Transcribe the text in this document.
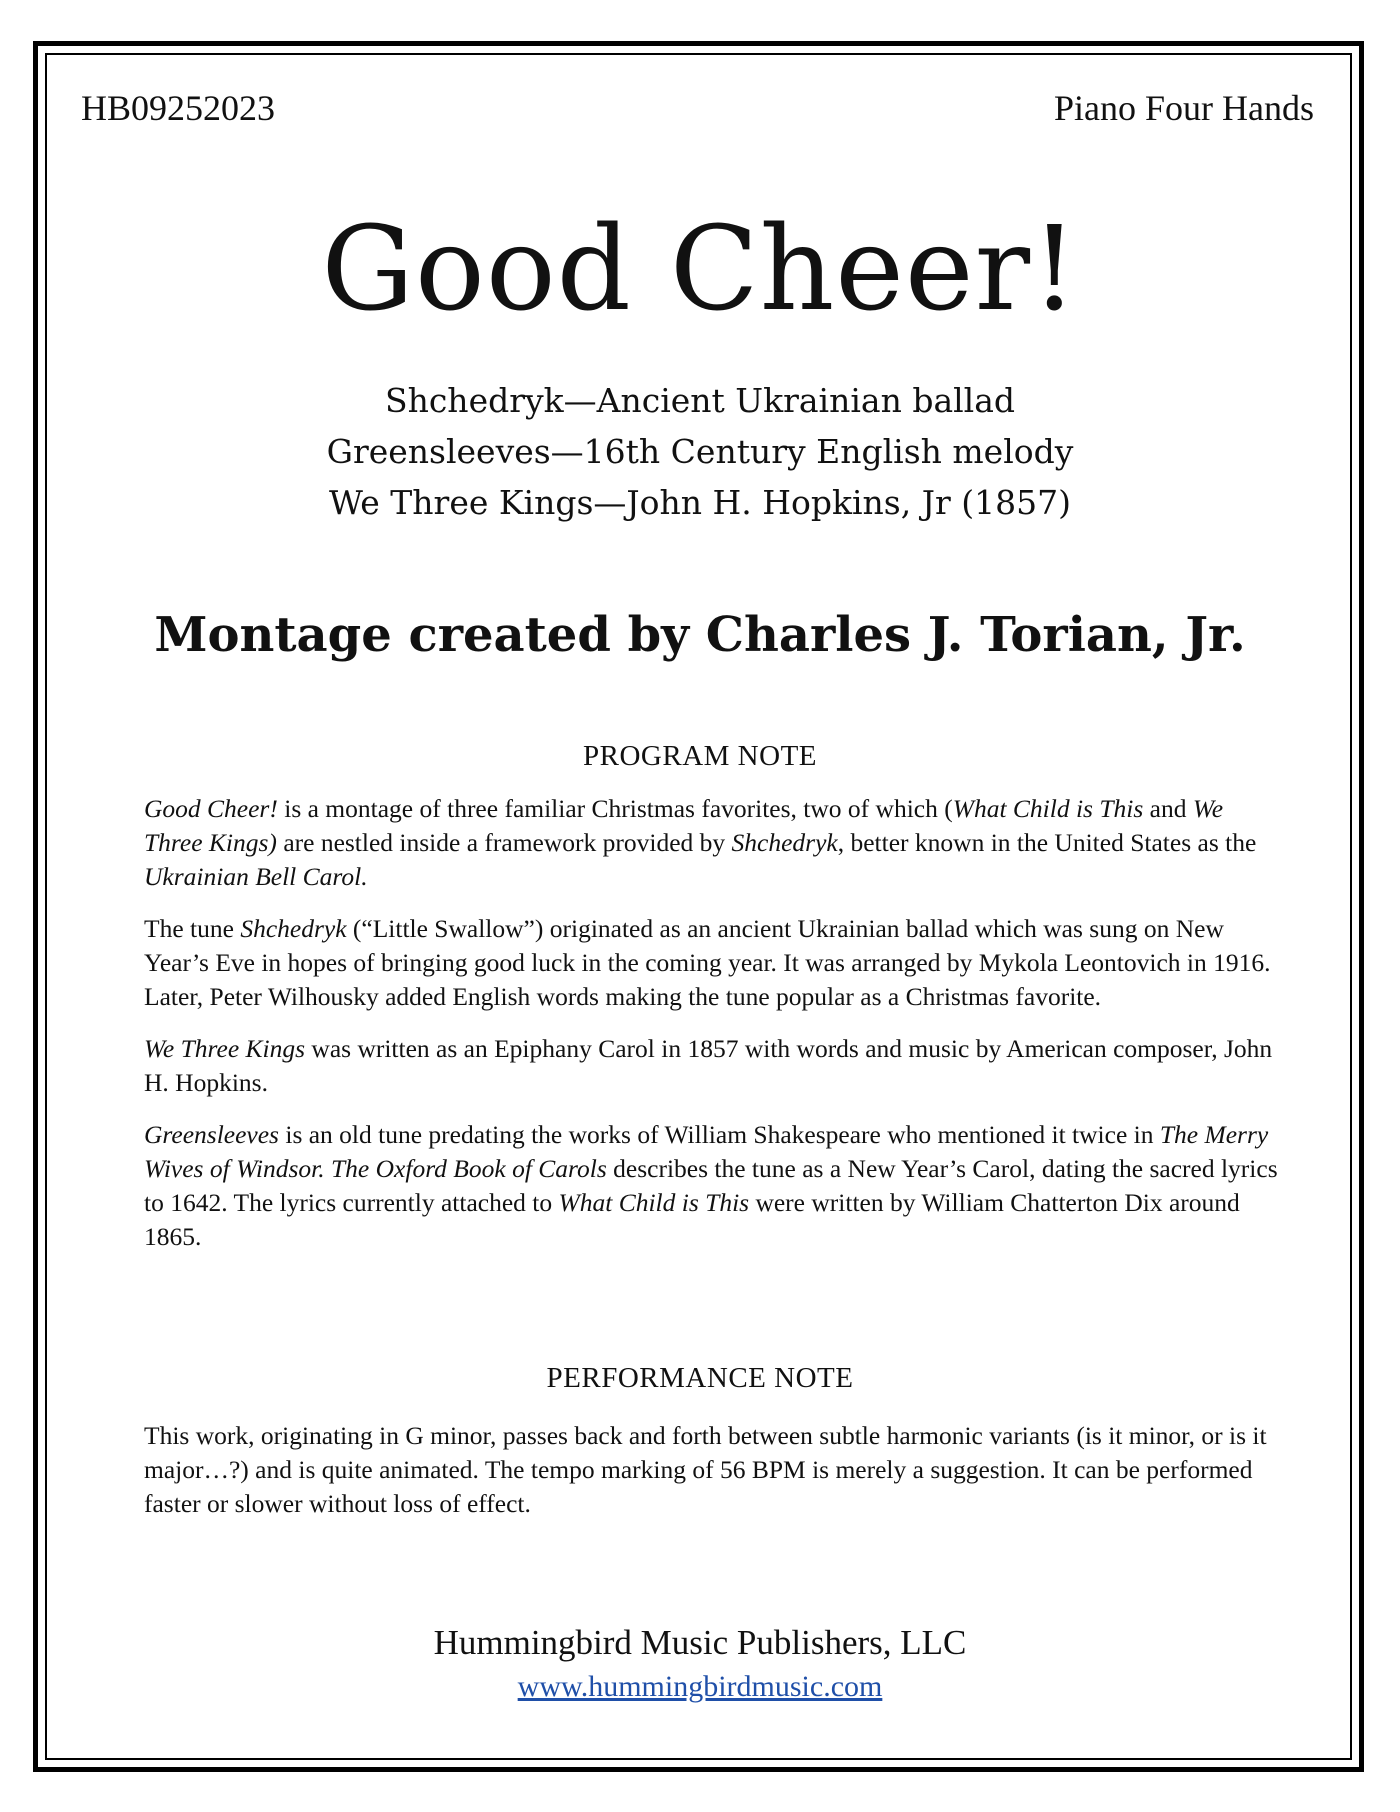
HB09252023	Piano Four Hands
Good Cheer!
Shchedryk—Ancient Ukrainian ballad
Greensleeves—16th Century English melody
We Three Kings—John H. Hopkins, Jr (1857)
Montage created by Charles J. Torian, Jr.
PROGRAM NOTE

Good Cheer! is a montage of three familiar Christmas favorites, two of which (What Child is This and We Three Kings) are nestled inside a framework provided by Shchedryk, better known in the United States as the Ukrainian Bell Carol.

The tune Shchedryk (“Little Swallow”) originated as an ancient Ukrainian ballad which was sung on New Year’s Eve in hopes of bringing good luck in the coming year. It was arranged by Mykola Leontovich in 1916. Later, Peter Wilhousky added English words making the tune popular as a Christmas favorite.

We Three Kings was written as an Epiphany Carol in 1857 with words and music by American composer, John H. Hopkins.

Greensleeves is an old tune predating the works of William Shakespeare who mentioned it twice in The Merry Wives of Windsor. The Oxford Book of Carols describes the tune as a New Year’s Carol, dating the sacred lyrics to 1642. The lyrics currently attached to What Child is This were written by William Chatterton Dix around 1865.

PERFORMANCE NOTE

This work, originating in G minor, passes back and forth between subtle harmonic variants (is it minor, or is it major…?) and is quite animated. The tempo marking of 56 BPM is merely a suggestion. It can be performed faster or slower without loss of effect.

Hummingbird Music Publishers, LLC
www.hummingbirdmusic.com
